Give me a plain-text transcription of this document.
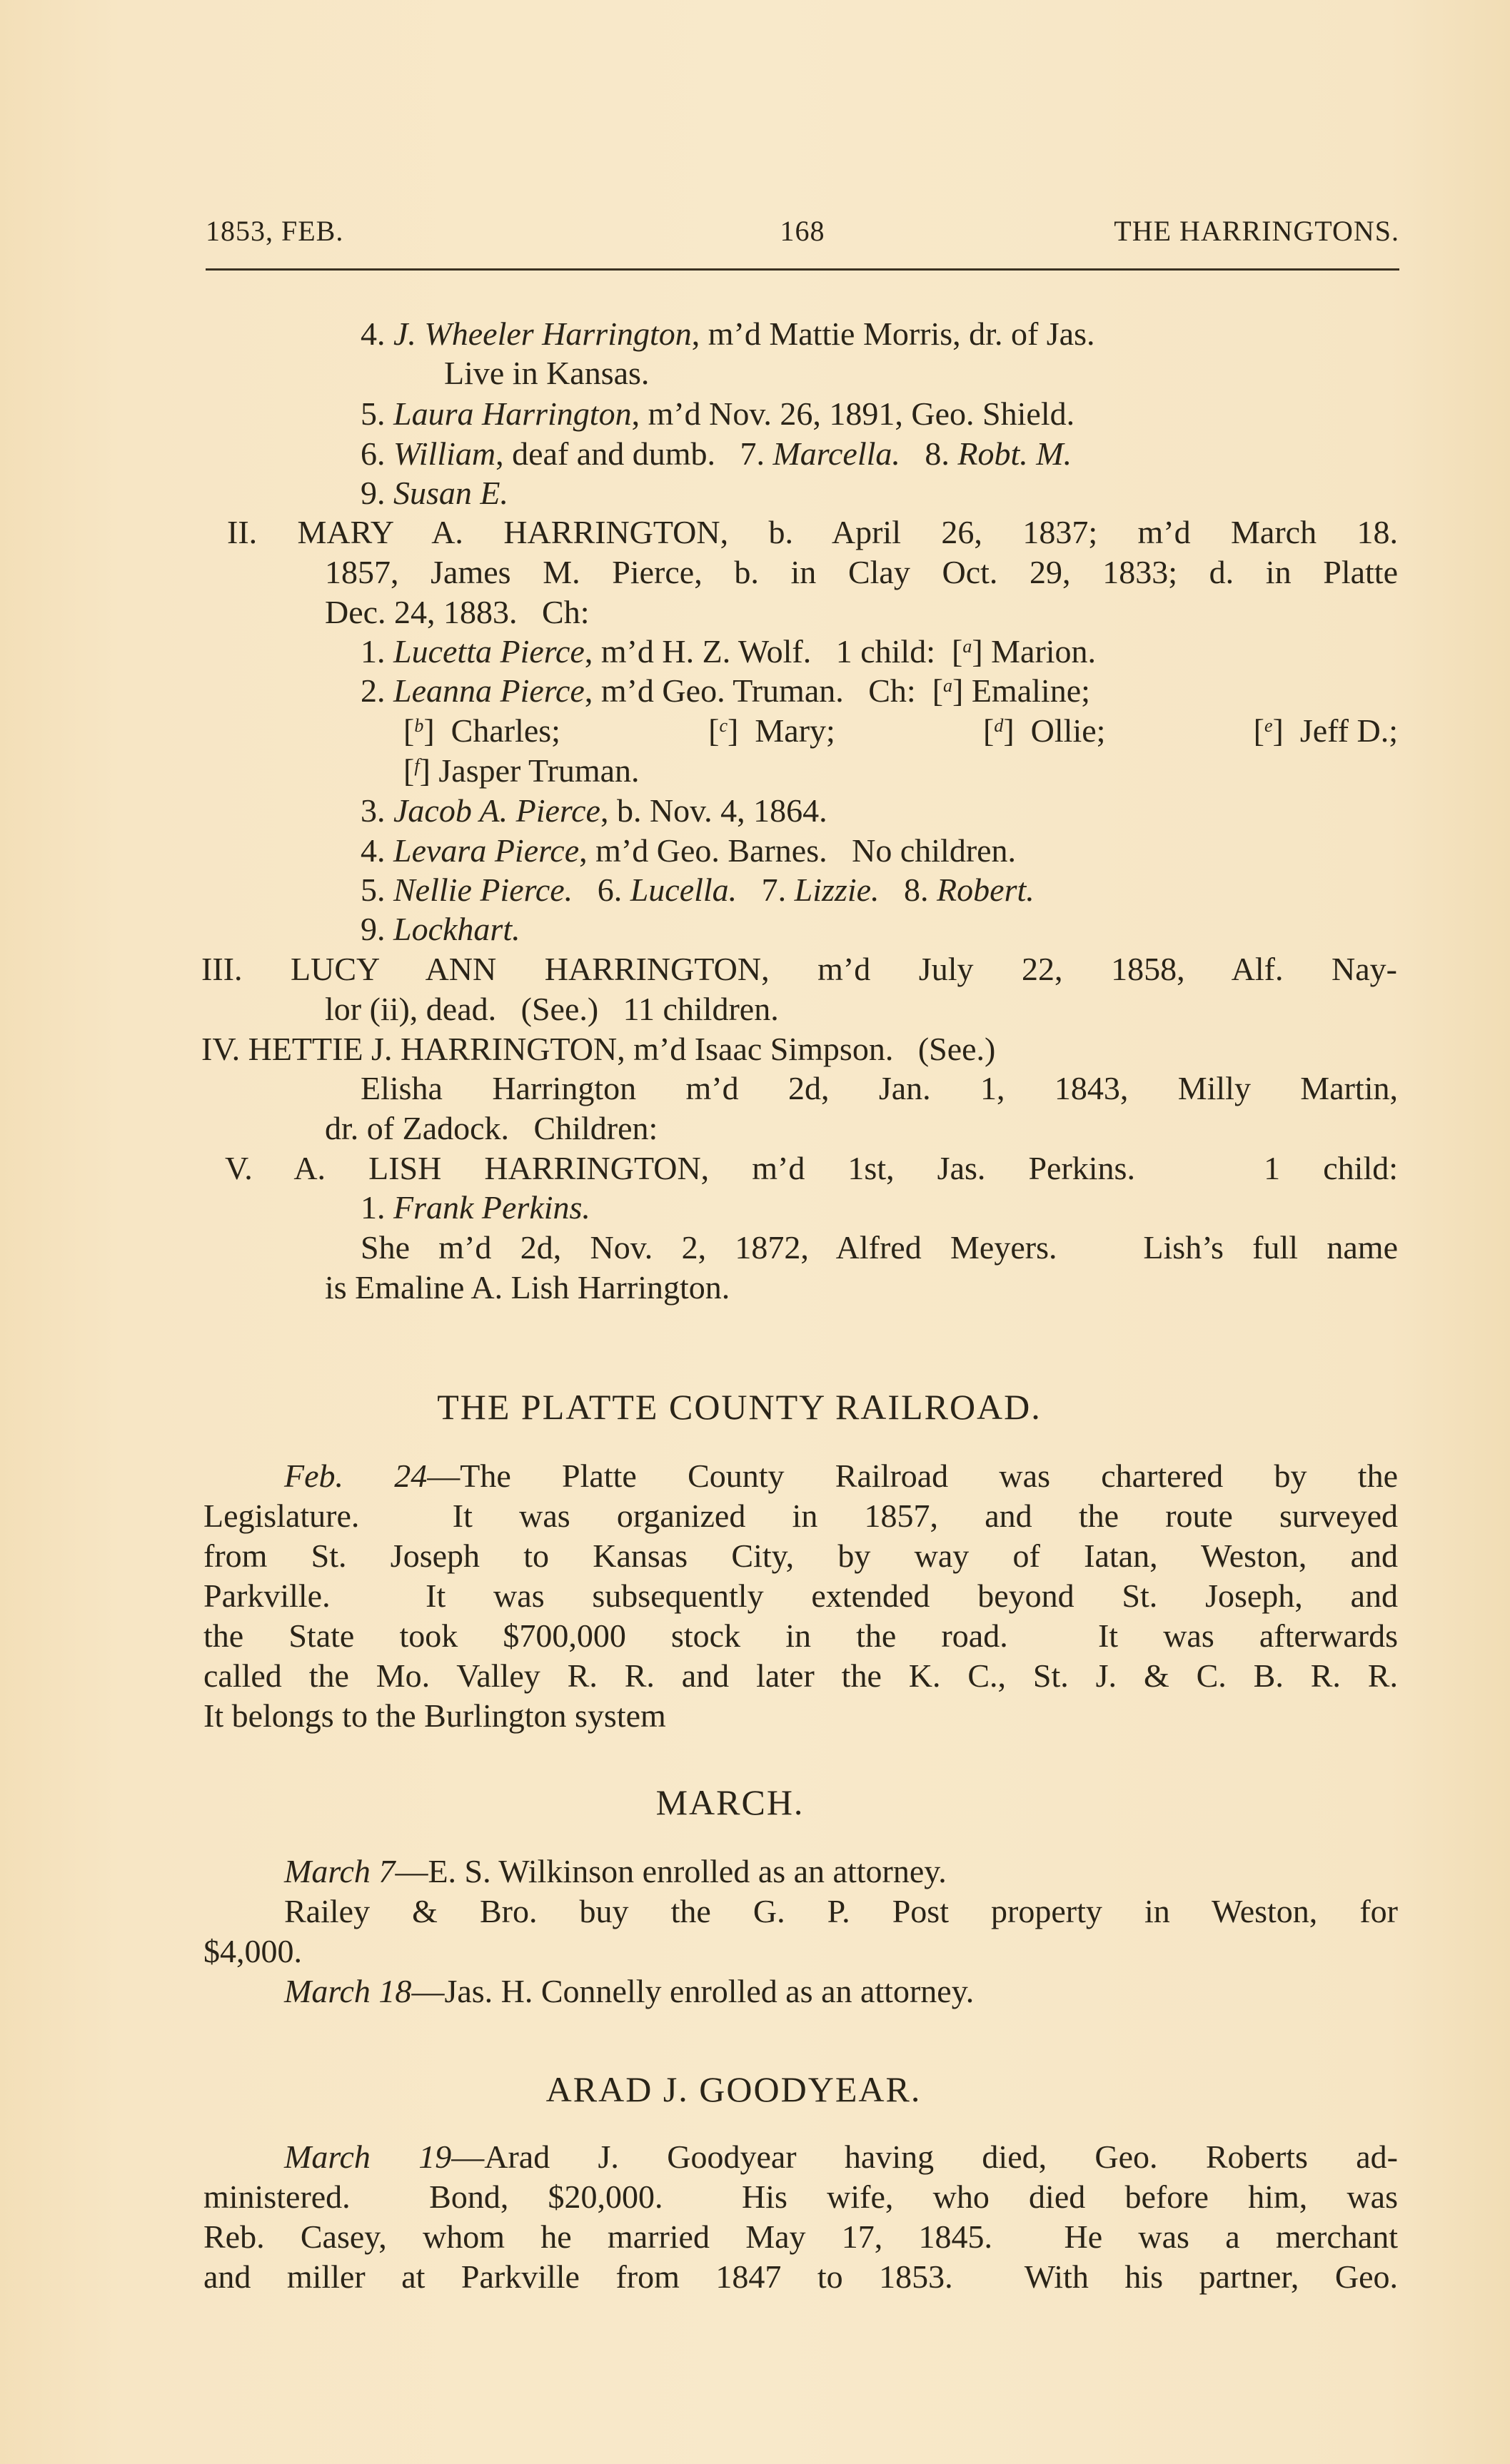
1853, FEB.	168	THE HARRINGTONS.
4. J. Wheeler Harrington, m’d Mattie Morris, dr. of Jas.
Live in Kansas.
5. Laura Harrington, m’d Nov. 26, 1891, Geo. Shield.
6. William, deaf and dumb. 7. Marcella. 8. Robt. M.
9. Susan E.
II. MARY A. HARRINGTON, b. April 26, 1837; m’d March 18.
1857, James M. Pierce, b. in Clay Oct. 29, 1833; d. in Platte
Dec. 24, 1883.   Ch:
1. Lucetta Pierce, m’d H. Z. Wolf.   1 child:  [$^a$] Marion.
2. Leanna Pierce, m’d Geo. Truman.   Ch:  [$^a$] Emaline;
[$^b$]  Charles;	[$^c$]  Mary;	[$^d$]  Ollie;	[$^e$]  Jeff D.;
[$^f$] Jasper Truman.
3. Jacob A. Pierce, b. Nov. 4, 1864.
4. Levara Pierce, m’d Geo. Barnes.   No children.
5. Nellie Pierce. 6. Lucella. 7. Lizzie. 8. Robert.
9. Lockhart.
III. LUCY ANN HARRINGTON, m’d July 22, 1858, Alf. Nay-
lor (ii), dead.   (See.)   11 children.
IV. HETTIE J. HARRINGTON, m’d Isaac Simpson.   (See.)
Elisha Harrington m’d 2d, Jan. 1, 1843, Milly Martin,
dr. of Zadock.   Children:
V. A. LISH HARRINGTON, m’d 1st, Jas. Perkins.   1 child:
1. Frank Perkins.
She m’d 2d, Nov. 2, 1872, Alfred Meyers.   Lish’s full name
is Emaline A. Lish Harrington.
THE PLATTE COUNTY RAILROAD.
Feb. 24—The Platte County Railroad was chartered by the
Legislature.  It was organized in 1857, and the route surveyed
from St. Joseph to Kansas City, by way of Iatan, Weston, and
Parkville.  It was subsequently extended beyond St. Joseph, and
the State took $700,000 stock in the road.  It was afterwards
called the Mo. Valley R. R. and later the K. C., St. J. & C. B. R. R.
It belongs to the Burlington system
MARCH.
March 7—E. S. Wilkinson enrolled as an attorney.
Railey & Bro. buy the G. P. Post property in Weston, for
$4,000.
March 18—Jas. H. Connelly enrolled as an attorney.
ARAD J. GOODYEAR.
March 19—Arad J. Goodyear having died, Geo. Roberts ad-
ministered.  Bond, $20,000.  His wife, who died before him, was
Reb. Casey, whom he married May 17, 1845.  He was a merchant
and miller at Parkville from 1847 to 1853.  With his partner, Geo.
